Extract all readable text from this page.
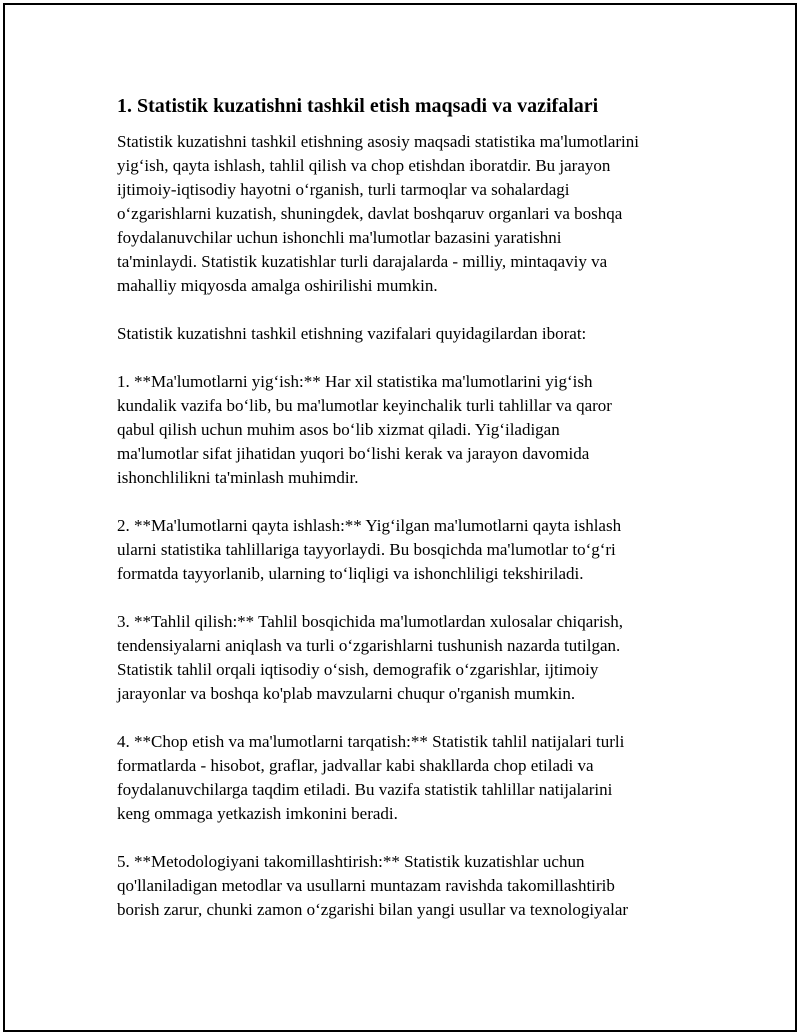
1. Statistik kuzatishni tashkil etish maqsadi va vazifalari
Statistik kuzatishni tashkil etishning asosiy maqsadi statistika ma'lumotlarini
yig‘ish, qayta ishlash, tahlil qilish va chop etishdan iboratdir. Bu jarayon
ijtimoiy-iqtisodiy hayotni o‘rganish, turli tarmoqlar va sohalardagi
o‘zgarishlarni kuzatish, shuningdek, davlat boshqaruv organlari va boshqa
foydalanuvchilar uchun ishonchli ma'lumotlar bazasini yaratishni
ta'minlaydi. Statistik kuzatishlar turli darajalarda - milliy, mintaqaviy va
mahalliy miqyosda amalga oshirilishi mumkin.
Statistik kuzatishni tashkil etishning vazifalari quyidagilardan iborat:
1. **Ma'lumotlarni yig‘ish:** Har xil statistika ma'lumotlarini yig‘ish
kundalik vazifa bo‘lib, bu ma'lumotlar keyinchalik turli tahlillar va qaror
qabul qilish uchun muhim asos bo‘lib xizmat qiladi. Yig‘iladigan
ma'lumotlar sifat jihatidan yuqori bo‘lishi kerak va jarayon davomida
ishonchlilikni ta'minlash muhimdir.
2. **Ma'lumotlarni qayta ishlash:** Yig‘ilgan ma'lumotlarni qayta ishlash
ularni statistika tahlillariga tayyorlaydi. Bu bosqichda ma'lumotlar to‘g‘ri
formatda tayyorlanib, ularning to‘liqligi va ishonchliligi tekshiriladi.
3. **Tahlil qilish:** Tahlil bosqichida ma'lumotlardan xulosalar chiqarish,
tendensiyalarni aniqlash va turli o‘zgarishlarni tushunish nazarda tutilgan.
Statistik tahlil orqali iqtisodiy o‘sish, demografik o‘zgarishlar, ijtimoiy
jarayonlar va boshqa ko'plab mavzularni chuqur o'rganish mumkin.
4. **Chop etish va ma'lumotlarni tarqatish:** Statistik tahlil natijalari turli
formatlarda - hisobot, graflar, jadvallar kabi shakllarda chop etiladi va
foydalanuvchilarga taqdim etiladi. Bu vazifa statistik tahlillar natijalarini
keng ommaga yetkazish imkonini beradi.
5. **Metodologiyani takomillashtirish:** Statistik kuzatishlar uchun
qo'llaniladigan metodlar va usullarni muntazam ravishda takomillashtirib
borish zarur, chunki zamon o‘zgarishi bilan yangi usullar va texnologiyalar
